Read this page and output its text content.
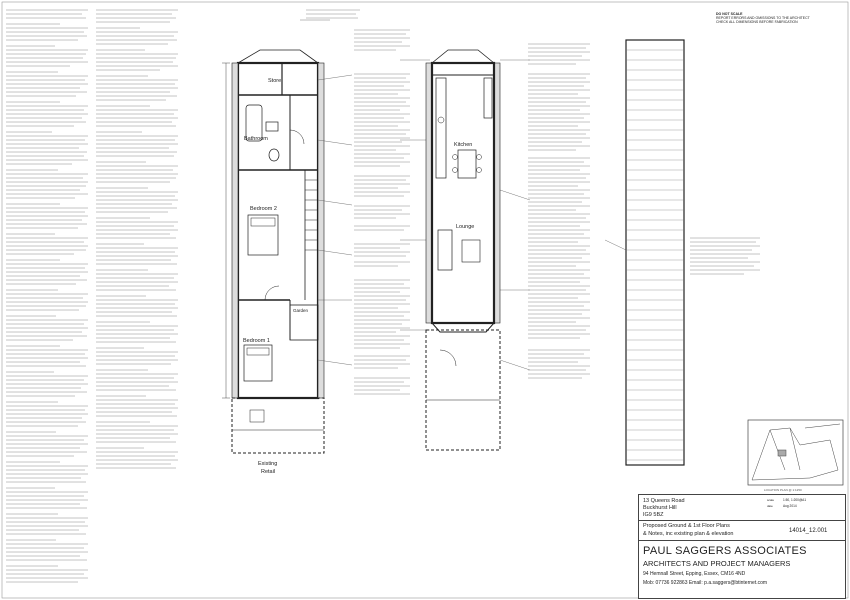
DO NOT SCALE
REPORT ERRORS AND OMISSIONS TO THE ARCHITECT
CHECK ALL DIMENSIONS BEFORE FABRICATION
Store
Bathroom
Bedroom 2
Bedroom 1
Garden
Existing
Retail
Kitchen
Lounge
LOCATION PLAN @ 1:1250
13 Queens Road
Buckhurst Hill
IG9 5BZ
scale	1:50, 1:200@A1
date	Aug 2014
Proposed Ground & 1st Floor Plans
& Notes, inc existing plan & elevation	14014_12.001
PAUL SAGGERS ASSOCIATES
ARCHITECTS AND PROJECT MANAGERS
94 Hemnall Street, Epping, Essex, CM16 4ND
Mob: 07736 922863 Email: p.a.saggers@btinternet.com
